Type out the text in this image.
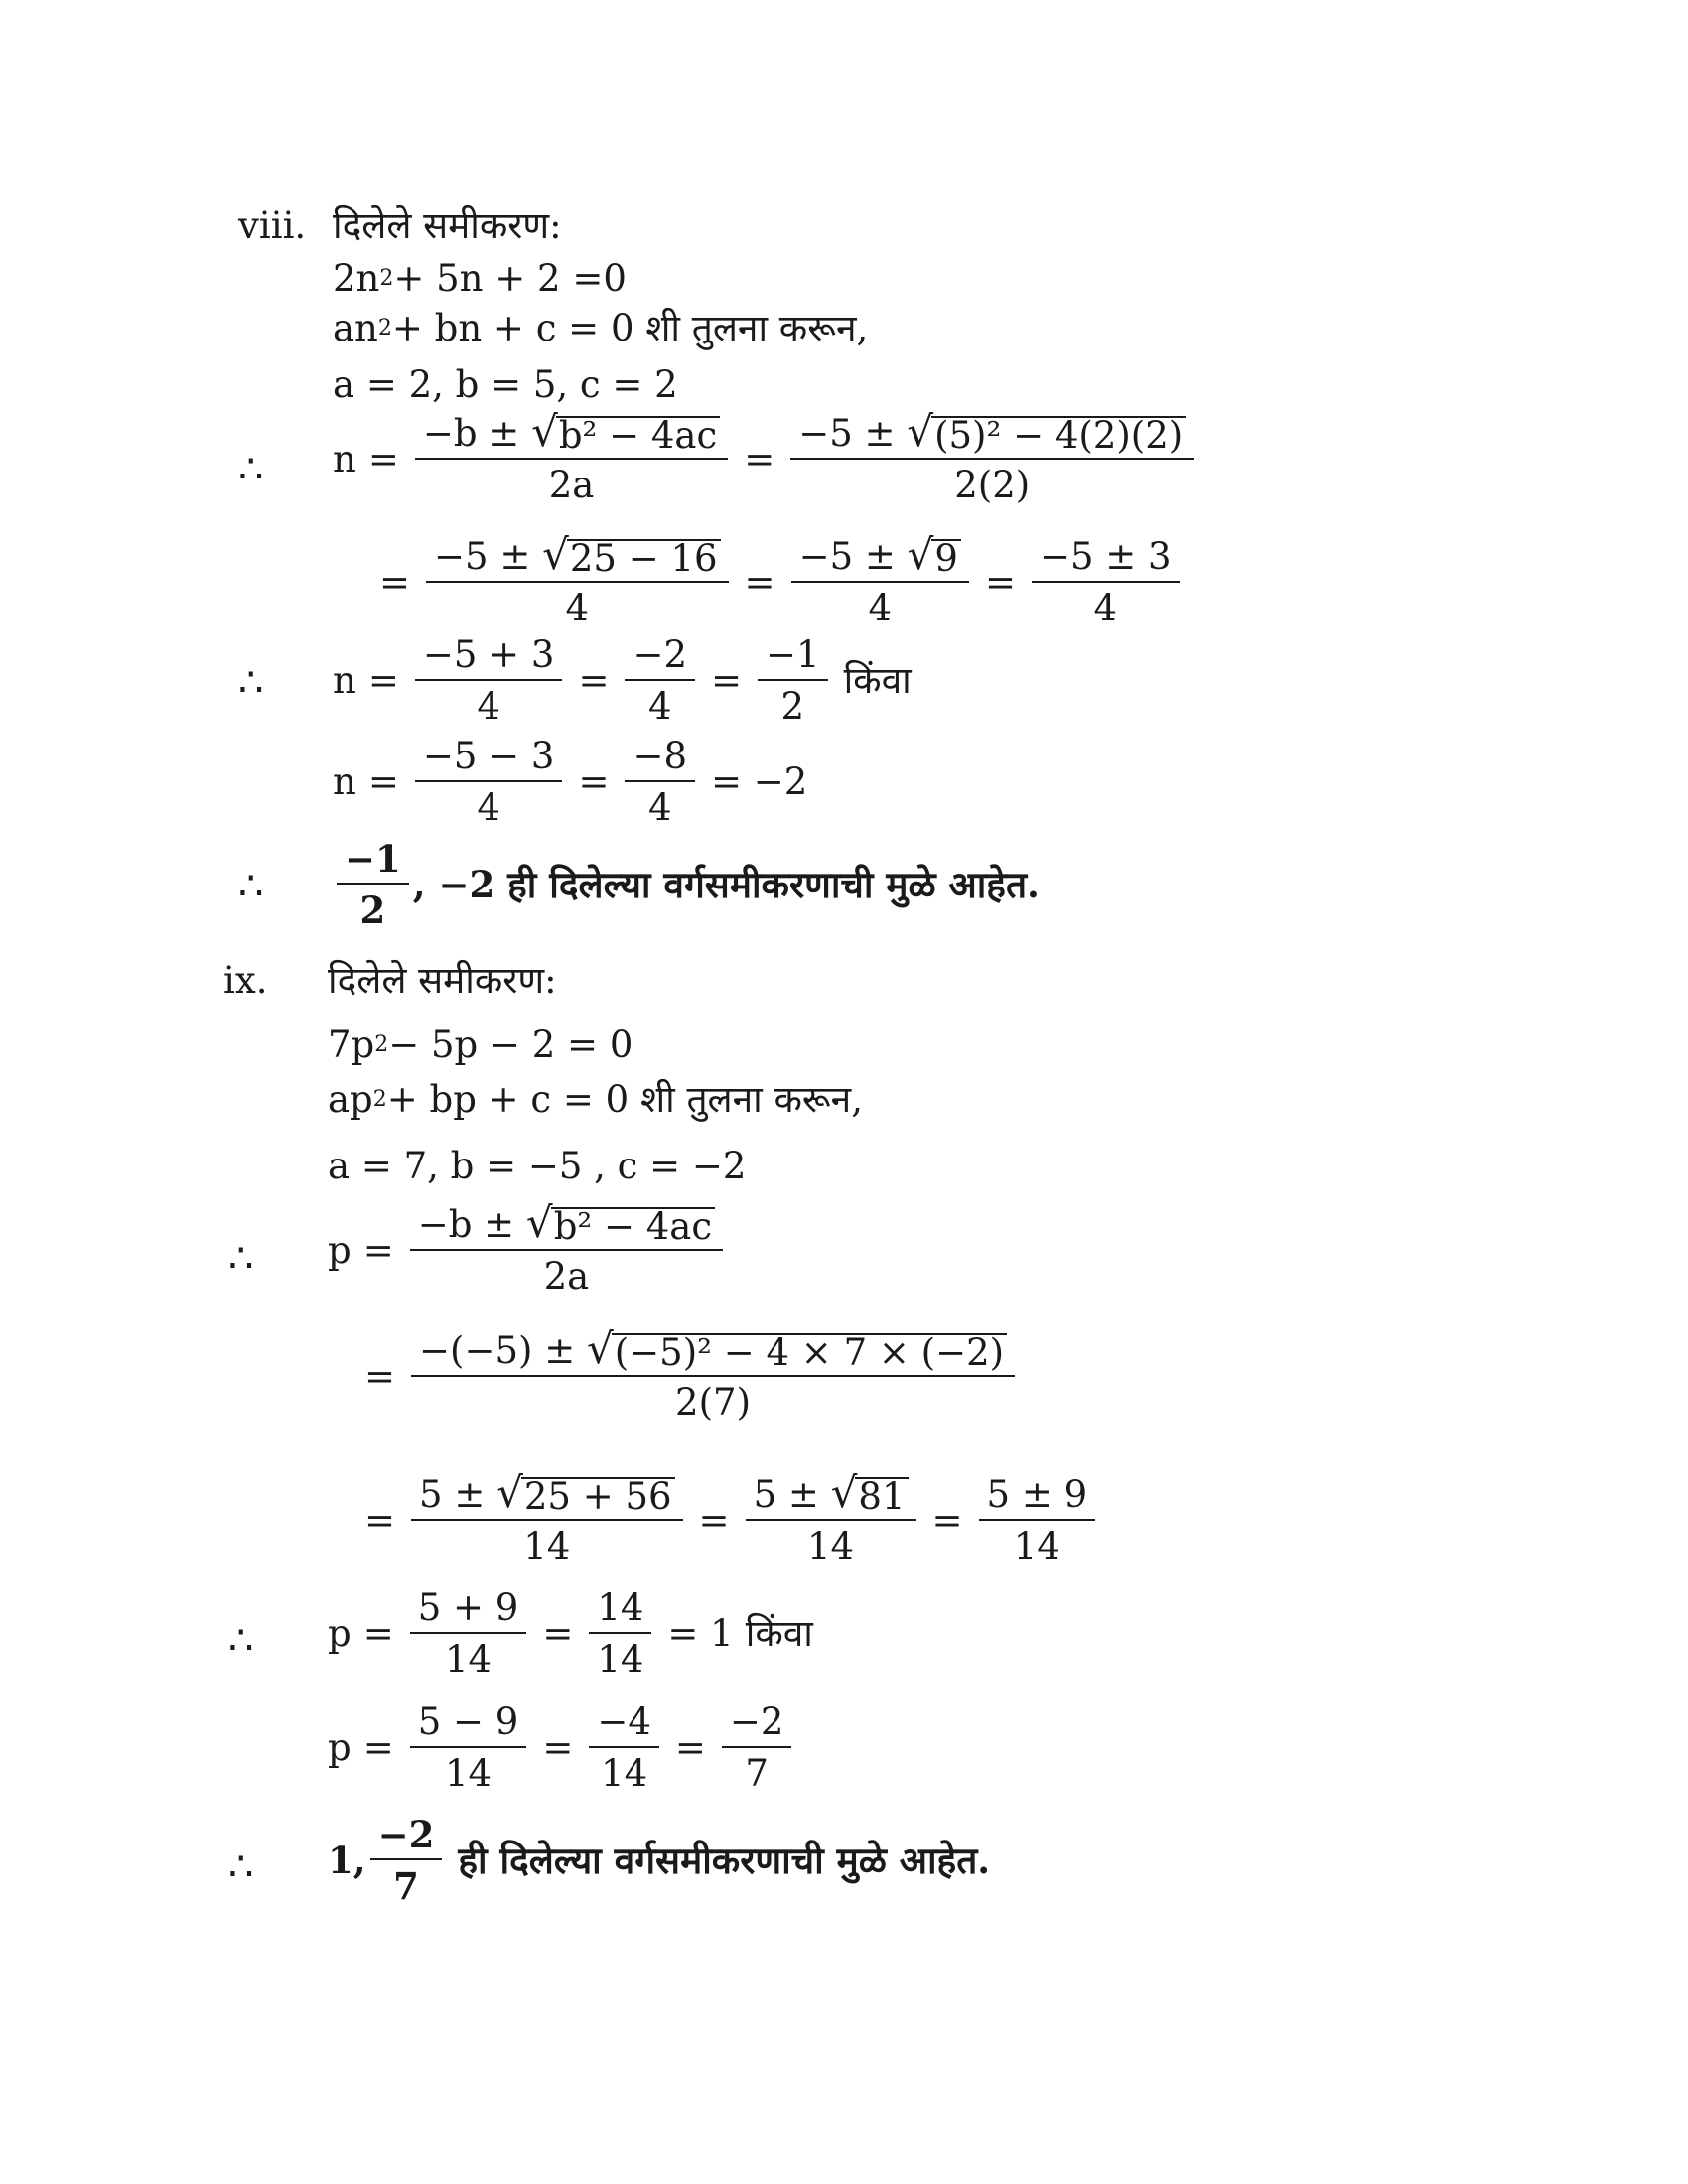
viii. दिलेले समीकरण:
2n 2 + 5n + 2 =0
an 2 + bn + c = 0 शी तुलना करून,
a = 2, b = 5, c = 2
∴ $n = \frac{\text{−b ± √ b² − 4ac}}{2a} = \frac{\text{−5 ± √ (5)² − 4(2)(2)}}{2(2)}$
= $\frac{-5 \pm √ 25 - 16}{4} = \frac{-5 \pm √ 9}{4} = \frac{-5 \pm 3}{4}$
∴ $n = \frac{-5 + 3}{4} = \frac{-2}{4} = \frac{-1}{2}$ किंवा
$n = \frac{-5 - 3}{4} = \frac{-8}{4} = -2$
∴ $\frac{-1}{2}$ , −2 ही दिलेल्या वर्गसमीकरणाची मुळे आहेत.
ix. दिलेले समीकरण:
7p 2 − 5p − 2 = 0
ap 2 + bp + c = 0 शी तुलना करून,
a = 7, b = −5 , c = −2
∴ $p = \frac{\text{−b ± √ b² − 4ac}}{2a}$
= $\frac{\text{−(−5) ± √ (−5)² − 4 × 7 × (−2)}}{2(7)}$
= $\frac{5 \pm √ 25 + 56}{14} = \frac{5 \pm √ 81}{14} = \frac{5 \pm 9}{14}$
∴ $p = \frac{5 + 9}{14} = \frac{14}{14} = 1$ किंवा
$p = \frac{5 - 9}{14} = \frac{-4}{14} = \frac{-2}{7}$
∴ 1, $\frac{-2}{7}$ ही दिलेल्या वर्गसमीकरणाची मुळे आहेत.
